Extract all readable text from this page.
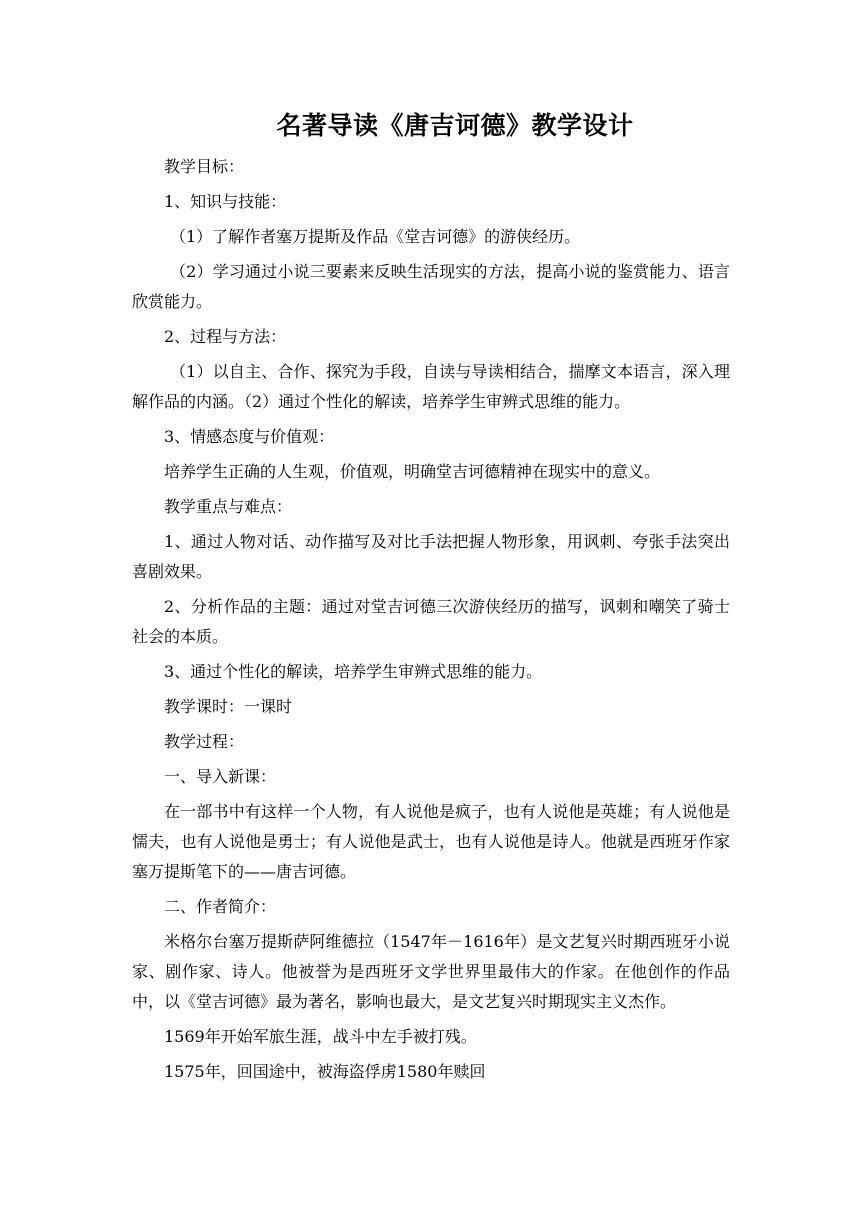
名著导读《唐吉诃德》教学设计

教学目标：

1、知识与技能：

（1）了解作者塞万提斯及作品《堂吉诃德》的游侠经历。

（2）学习通过小说三要素来反映生活现实的方法，提高小说的鉴赏能力、语言欣赏能力。

2、过程与方法：

（1）以自主、合作、探究为手段，自读与导读相结合，揣摩文本语言，深入理解作品的内涵。（2）通过个性化的解读，培养学生审辨式思维的能力。

3、情感态度与价值观：

培养学生正确的人生观，价值观，明确堂吉诃德精神在现实中的意义。

教学重点与难点：

1、通过人物对话、动作描写及对比手法把握人物形象，用讽刺、夸张手法突出喜剧效果。

2、分析作品的主题：通过对堂吉诃德三次游侠经历的描写，讽刺和嘲笑了骑士社会的本质。

3、通过个性化的解读，培养学生审辨式思维的能力。

教学课时：一课时

教学过程：

一、导入新课：

在一部书中有这样一个人物，有人说他是疯子，也有人说他是英雄；有人说他是懦夫，也有人说他是勇士；有人说他是武士，也有人说他是诗人。他就是西班牙作家塞万提斯笔下的——唐吉诃德。

二、作者简介：

米格尔台塞万提斯萨阿维德拉（1547年－1616年）是文艺复兴时期西班牙小说家、剧作家、诗人。他被誉为是西班牙文学世界里最伟大的作家。在他创作的作品中，以《堂吉诃德》最为著名，影响也最大，是文艺复兴时期现实主义杰作。

1569年开始军旅生涯，战斗中左手被打残。

1575年，回国途中，被海盗俘虏1580年赎回
